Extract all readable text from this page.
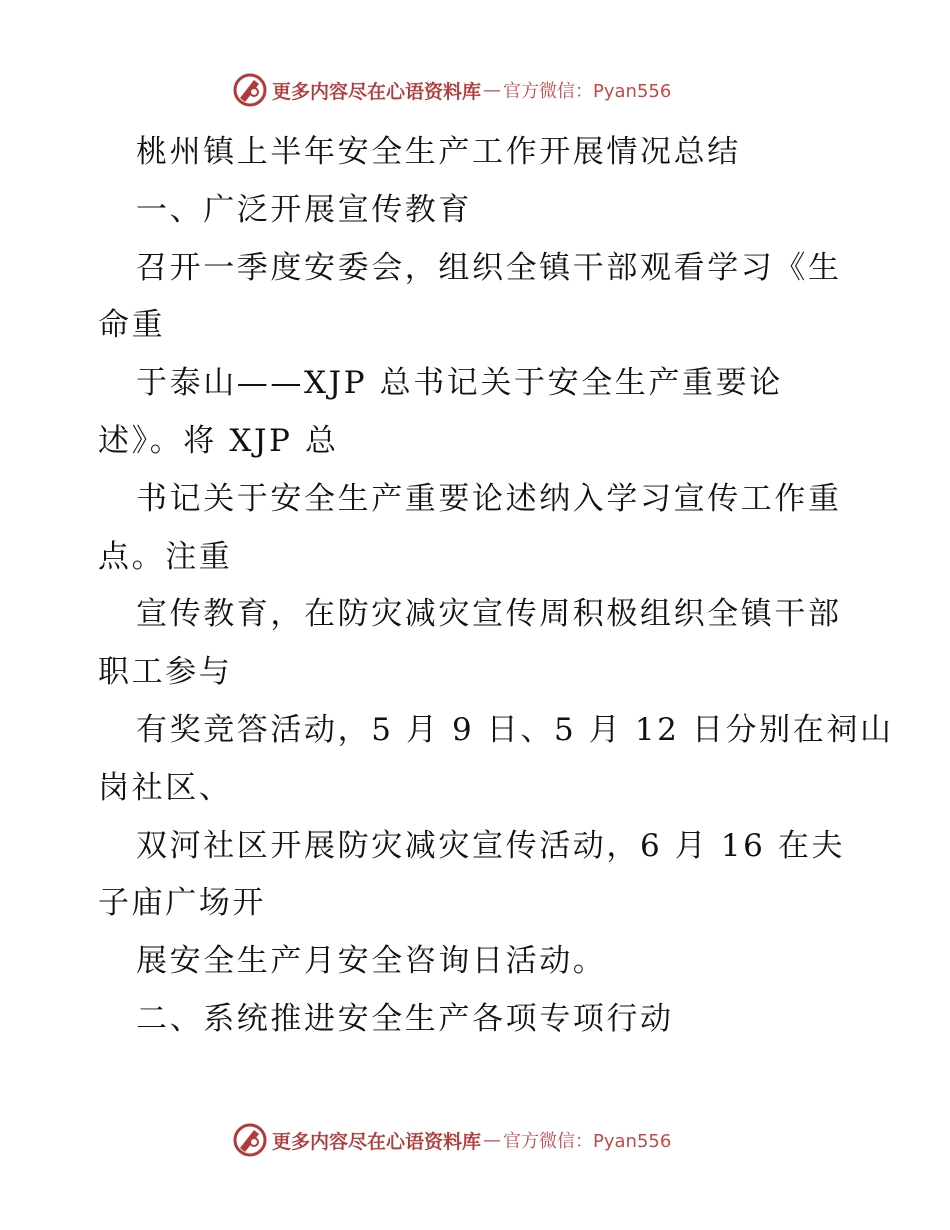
更多内容尽在心语资料库 — 官方微信：Pyan556
桃州镇上半年安全生产工作开展情况总结
一、广泛开展宣传教育
召开一季度安委会，组织全镇干部观看学习《生
命重
于泰山——XJP 总书记关于安全生产重要论
述》。将 XJP 总
书记关于安全生产重要论述纳入学习宣传工作重
点。注重
宣传教育，在防灾减灾宣传周积极组织全镇干部
职工参与
有奖竞答活动，5 月 9 日、5 月 12 日分别在祠山
岗社区、
双河社区开展防灾减灾宣传活动，6 月 16 在夫
子庙广场开
展安全生产月安全咨询日活动。
二、系统推进安全生产各项专项行动
更多内容尽在心语资料库 — 官方微信：Pyan556
